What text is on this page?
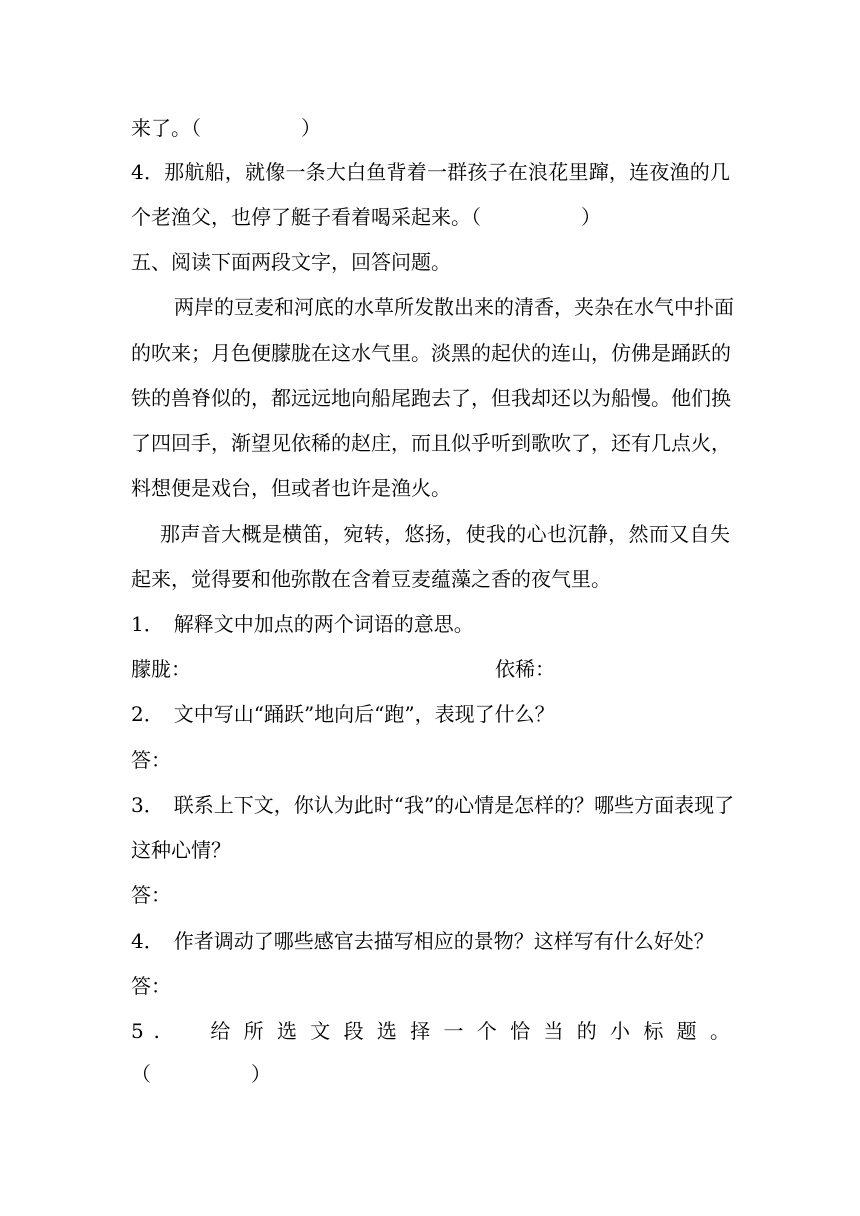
来了。（　　　　　）
4．那航船，就像一条大白鱼背着一群孩子在浪花里蹿，连夜渔的几
个老渔父，也停了艇子看着喝采起来。（　　　　　）
五、阅读下面两段文字，回答问题。
两岸的豆麦和河底的水草所发散出来的清香，夹杂在水气中扑面
的吹来；月色便朦胧在这水气里。淡黑的起伏的连山，仿佛是踊跃的
铁的兽脊似的，都远远地向船尾跑去了，但我却还以为船慢。他们换
了四回手，渐望见依稀的赵庄，而且似乎听到歌吹了，还有几点火，
料想便是戏台，但或者也许是渔火。
那声音大概是横笛，宛转，悠扬，使我的心也沉静，然而又自失
起来，觉得要和他弥散在含着豆麦蕴藻之香的夜气里。
1．　解释文中加点的两个词语的意思。
朦胧：	依稀：
2．　文中写山“踊跃”地向后“跑”，表现了什么？
答：
3．　联系上下文，你认为此时“我”的心情是怎样的？哪些方面表现了
这种心情？
答：
4．　作者调动了哪些感官去描写相应的景物？这样写有什么好处？
答：
5 .　　给 所 选 文 段 选 择 一 个 恰 当 的 小 标 题 。
（　　　　　）
